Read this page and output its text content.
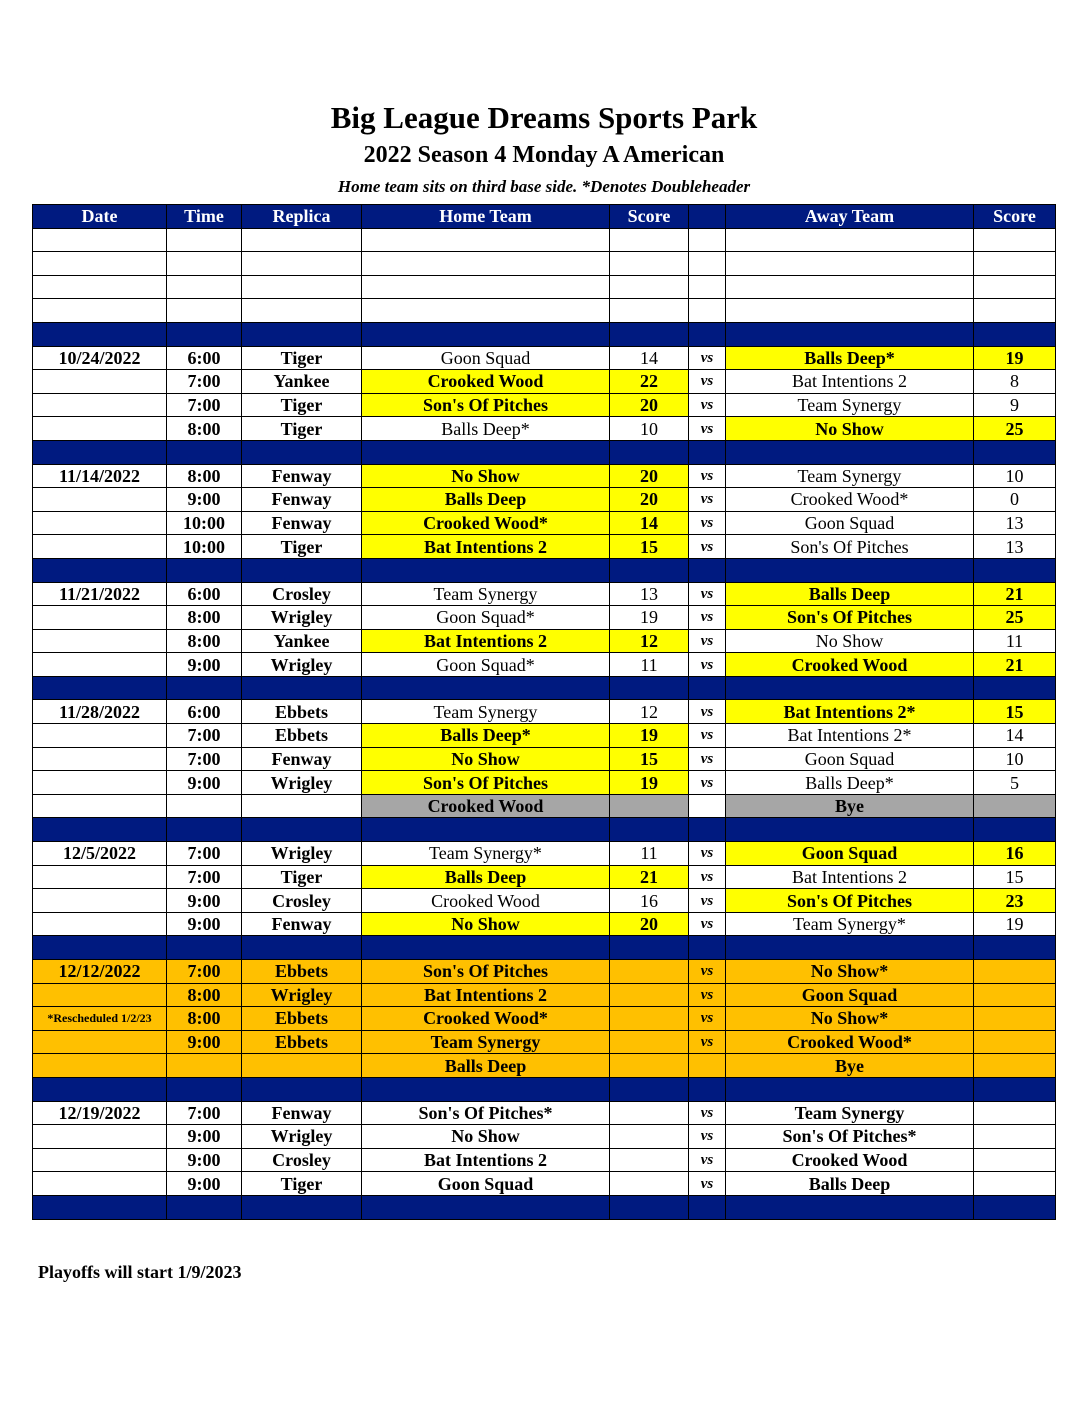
Big League Dreams Sports Park
2022 Season 4 Monday A American
Home team sits on third base side. *Denotes Doubleheader
Date	Time	Replica	Home Team	Score		Away Team	Score

10/24/2022	6:00	Tiger	Goon Squad	14	vs	Balls Deep*	19
	7:00	Yankee	Crooked Wood	22	vs	Bat Intentions 2	8
	7:00	Tiger	Son's Of Pitches	20	vs	Team Synergy	9
	8:00	Tiger	Balls Deep*	10	vs	No Show	25

11/14/2022	8:00	Fenway	No Show	20	vs	Team Synergy	10
	9:00	Fenway	Balls Deep	20	vs	Crooked Wood*	0
	10:00	Fenway	Crooked Wood*	14	vs	Goon Squad	13
	10:00	Tiger	Bat Intentions 2	15	vs	Son's Of Pitches	13

11/21/2022	6:00	Crosley	Team Synergy	13	vs	Balls Deep	21
	8:00	Wrigley	Goon Squad*	19	vs	Son's Of Pitches	25
	8:00	Yankee	Bat Intentions 2	12	vs	No Show	11
	9:00	Wrigley	Goon Squad*	11	vs	Crooked Wood	21

11/28/2022	6:00	Ebbets	Team Synergy	12	vs	Bat Intentions 2*	15
	7:00	Ebbets	Balls Deep*	19	vs	Bat Intentions 2*	14
	7:00	Fenway	No Show	15	vs	Goon Squad	10
	9:00	Wrigley	Son's Of Pitches	19	vs	Balls Deep*	5
			Crooked Wood			Bye	

12/5/2022	7:00	Wrigley	Team Synergy*	11	vs	Goon Squad	16
	7:00	Tiger	Balls Deep	21	vs	Bat Intentions 2	15
	9:00	Crosley	Crooked Wood	16	vs	Son's Of Pitches	23
	9:00	Fenway	No Show	20	vs	Team Synergy*	19

12/12/2022	7:00	Ebbets	Son's Of Pitches		vs	No Show*	
	8:00	Wrigley	Bat Intentions 2		vs	Goon Squad	
*Rescheduled 1/2/23	8:00	Ebbets	Crooked Wood*		vs	No Show*	
	9:00	Ebbets	Team Synergy		vs	Crooked Wood*	
			Balls Deep			Bye	

12/19/2022	7:00	Fenway	Son's Of Pitches*		vs	Team Synergy	
	9:00	Wrigley	No Show		vs	Son's Of Pitches*	
	9:00	Crosley	Bat Intentions 2		vs	Crooked Wood	
	9:00	Tiger	Goon Squad		vs	Balls Deep	

Playoffs will start 1/9/2023
